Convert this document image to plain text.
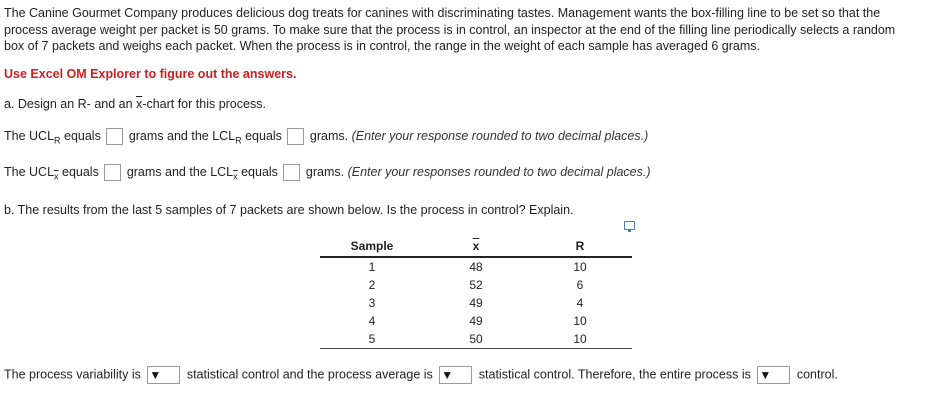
The Canine Gourmet Company produces delicious dog treats for canines with discriminating tastes. Management wants the box-filling line to be set so that the
process average weight per packet is 50 grams. To make sure that the process is in control, an inspector at the end of the filling line periodically selects a random
box of 7 packets and weighs each packet. When the process is in control, the range in the weight of each sample has averaged 6 grams.
Use Excel OM Explorer to figure out the answers.
a. Design an R- and an $\overline{x}$-chart for this process.
The $UCL_R$ equals grams and the $LCL_R$ equals grams. (Enter your response rounded to two decimal places.)
The $UCL_{\overline{x}}$ equals grams and the $LCL_{\overline{x}}$ equals grams. (Enter your responses rounded to two decimal places.)
b. The results from the last 5 samples of 7 packets are shown below. Is the process in control? Explain.
Sample	$\overline{x}$	R
1	48	10
2	52	6
3	49	4
4	49	10
5	50	10
The process variability is ▼ statistical control and the process average is ▼ statistical control. Therefore, the entire process is ▼ control.
